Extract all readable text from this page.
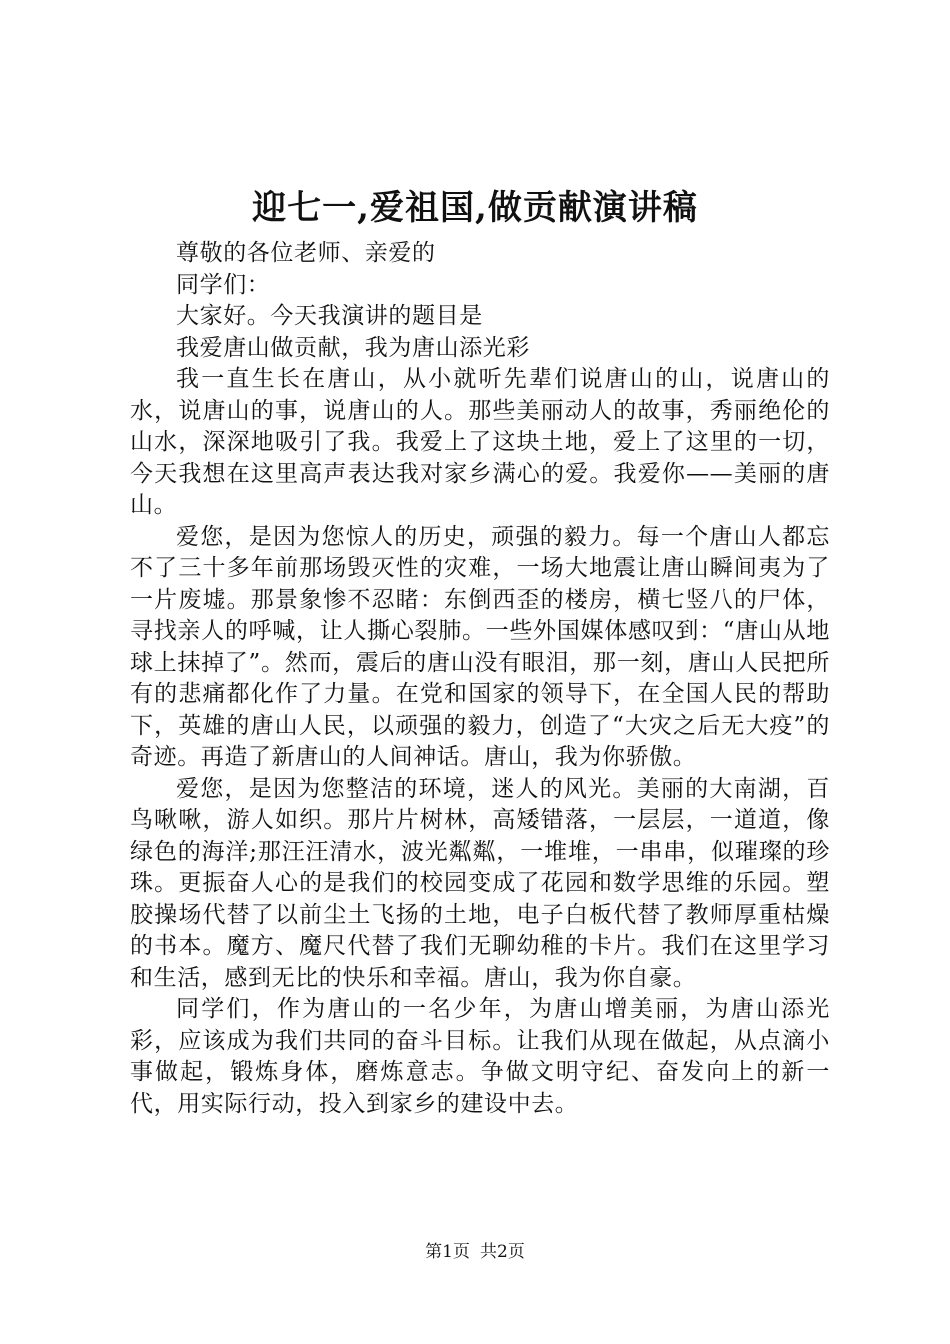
迎七一,爱祖国,做贡献演讲稿

尊敬的各位老师、亲爱的

同学们：

大家好。今天我演讲的题目是

我爱唐山做贡献，我为唐山添光彩

我一直生长在唐山，从小就听先辈们说唐山的山，说唐山的水，说唐山的事，说唐山的人。那些美丽动人的故事，秀丽绝伦的山水，深深地吸引了我。我爱上了这块土地，爱上了这里的一切，今天我想在这里高声表达我对家乡满心的爱。我爱你——美丽的唐山。

爱您，是因为您惊人的历史，顽强的毅力。每一个唐山人都忘不了三十多年前那场毁灭性的灾难，一场大地震让唐山瞬间夷为了一片废墟。那景象惨不忍睹：东倒西歪的楼房，横七竖八的尸体，寻找亲人的呼喊，让人撕心裂肺。一些外国媒体感叹到：“唐山从地球上抹掉了”。然而，震后的唐山没有眼泪，那一刻，唐山人民把所有的悲痛都化作了力量。在党和国家的领导下，在全国人民的帮助下，英雄的唐山人民，以顽强的毅力，创造了“大灾之后无大疫”的奇迹。再造了新唐山的人间神话。唐山，我为你骄傲。

爱您，是因为您整洁的环境，迷人的风光。美丽的大南湖，百鸟啾啾，游人如织。那片片树林，高矮错落，一层层，一道道，像绿色的海洋;那汪汪清水，波光粼粼，一堆堆，一串串，似璀璨的珍珠。更振奋人心的是我们的校园变成了花园和数学思维的乐园。塑胶操场代替了以前尘土飞扬的土地，电子白板代替了教师厚重枯燥的书本。魔方、魔尺代替了我们无聊幼稚的卡片。我们在这里学习和生活，感到无比的快乐和幸福。唐山，我为你自豪。

同学们，作为唐山的一名少年，为唐山增美丽，为唐山添光彩，应该成为我们共同的奋斗目标。让我们从现在做起，从点滴小事做起，锻炼身体，磨炼意志。争做文明守纪、奋发向上的新一代，用实际行动，投入到家乡的建设中去。

第1页 共2页
